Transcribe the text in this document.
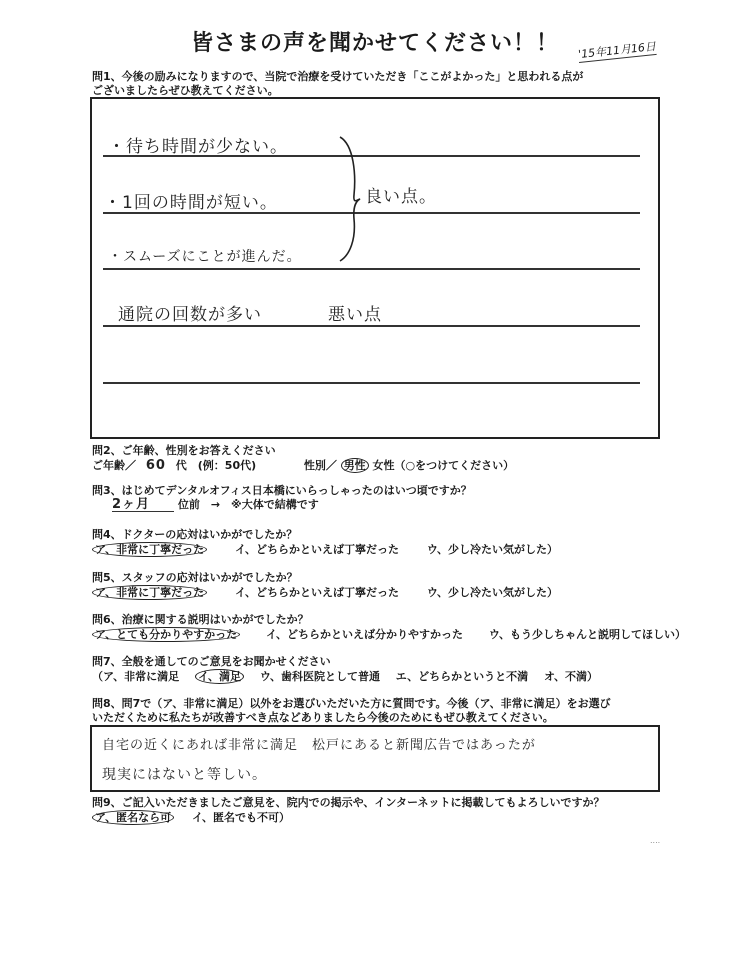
皆さまの声を聞かせてください！！	'15年11月16日
問1、今後の励みになりますので、当院で治療を受けていただき「ここがよかった」と思われる点が
ございましたらぜひ教えてください。
・待ち時間が少ない。
・1回の時間が短い。
・スムーズにことが進んだ。
通院の回数が多い
良い点。
悪い点
問2、ご年齢、性別をお答えください
ご年齢／ 60 代　(例：50代)	性別／ 男性 女性（○をつけてください）
問3、はじめてデンタルオフィス日本橋にいらっしゃったのはいつ頃ですか？
2ヶ月	位前　→　※大体で結構です
問4、ドクターの応対はいかがでしたか？
ア、非常に丁寧だった	イ、どちらかといえば丁寧だった	ウ、少し冷たい気がした）
問5、スタッフの応対はいかがでしたか？
ア、非常に丁寧だった	イ、どちらかといえば丁寧だった	ウ、少し冷たい気がした）
問6、治療に関する説明はいかがでしたか？
ア、とても分かりやすかった	イ、どちらかといえば分かりやすかった ウ、もう少しちゃんと説明してほしい）
問7、全般を通してのご意見をお聞かせください
（ア、非常に満足 イ、満足 ウ、歯科医院として普通 エ、どちらかというと不満 オ、不満）
問8、問7で（ア、非常に満足）以外をお選びいただいた方に質問です。今後（ア、非常に満足）をお選び
いただくために私たちが改善すべき点などありましたら今後のためにもぜひ教えてください。
自宅の近くにあれば非常に満足　松戸にあると新聞広告ではあったが
現実にはないと等しい。
問9、ご記入いただきましたご意見を、院内での掲示や、インターネットに掲載してもよろしいですか？
ア、匿名なら可 イ、匿名でも不可）
....
